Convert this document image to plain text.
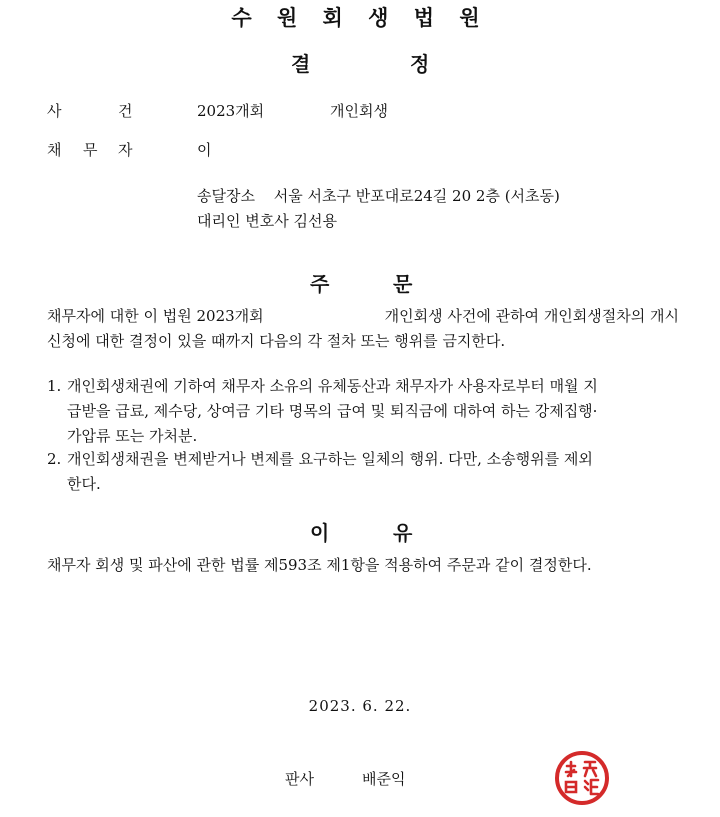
수 원 회 생 법 원
결	정
사	건	2023개회	개인회생
채 무 자	이
송달장소 서울 서초구 반포대로24길 20 2층 (서초동)
대리인 변호사 김선용
주	문
채무자에 대한 이 법원 2023개회	개인회생 사건에 관하여 개인회생절차의 개시
신청에 대한 결정이 있을 때까지 다음의 각 절차 또는 행위를 금지한다.
1. 개인회생채권에 기하여 채무자 소유의 유체동산과 채무자가 사용자로부터 매월 지
급받을 급료, 제수당, 상여금 기타 명목의 급여 및 퇴직금에 대하여 하는 강제집행·
가압류 또는 가처분.
2. 개인회생채권을 변제받거나 변제를 요구하는 일체의 행위. 다만, 소송행위를 제외
한다.
이	유
채무자 회생 및 파산에 관한 법률 제593조 제1항을 적용하여 주문과 같이 결정한다.
2023. 6. 22.
판사	배준익
